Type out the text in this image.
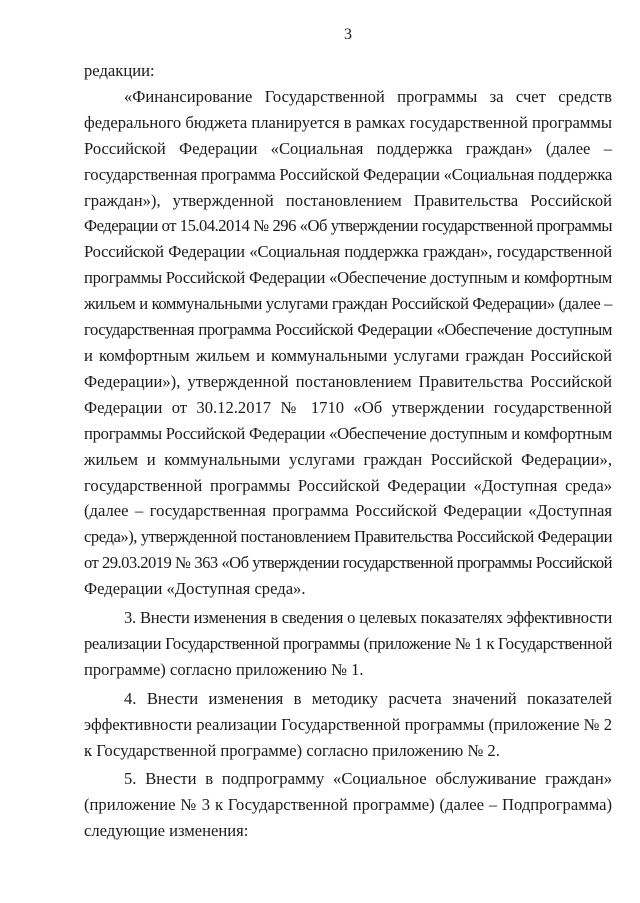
3
редакции:
«Финансирование Государственной программы за счет средств
федерального бюджета планируется в рамках государственной программы
Российской Федерации «Социальная поддержка граждан» (далее –
государственная программа Российской Федерации «Социальная поддержка
граждан»), утвержденной постановлением Правительства Российской
Федерации от 15.04.2014 № 296 «Об утверждении государственной программы
Российской Федерации «Социальная поддержка граждан», государственной
программы Российской Федерации «Обеспечение доступным и комфортным
жильем и коммунальными услугами граждан Российской Федерации» (далее –
государственная программа Российской Федерации «Обеспечение доступным
и комфортным жильем и коммунальными услугами граждан Российской
Федерации»), утвержденной постановлением Правительства Российской
Федерации от 30.12.2017 № 1710 «Об утверждении государственной
программы Российской Федерации «Обеспечение доступным и комфортным
жильем и коммунальными услугами граждан Российской Федерации»,
государственной программы Российской Федерации «Доступная среда»
(далее – государственная программа Российской Федерации «Доступная
среда»), утвержденной постановлением Правительства Российской Федерации
от 29.03.2019 № 363 «Об утверждении государственной программы Российской
Федерации «Доступная среда».
3. Внести изменения в сведения о целевых показателях эффективности
реализации Государственной программы (приложение № 1 к Государственной
программе) согласно приложению № 1.
4. Внести изменения в методику расчета значений показателей
эффективности реализации Государственной программы (приложение № 2
к Государственной программе) согласно приложению № 2.
5. Внести в подпрограмму «Социальное обслуживание граждан»
(приложение № 3 к Государственной программе) (далее – Подпрограмма)
следующие изменения:
